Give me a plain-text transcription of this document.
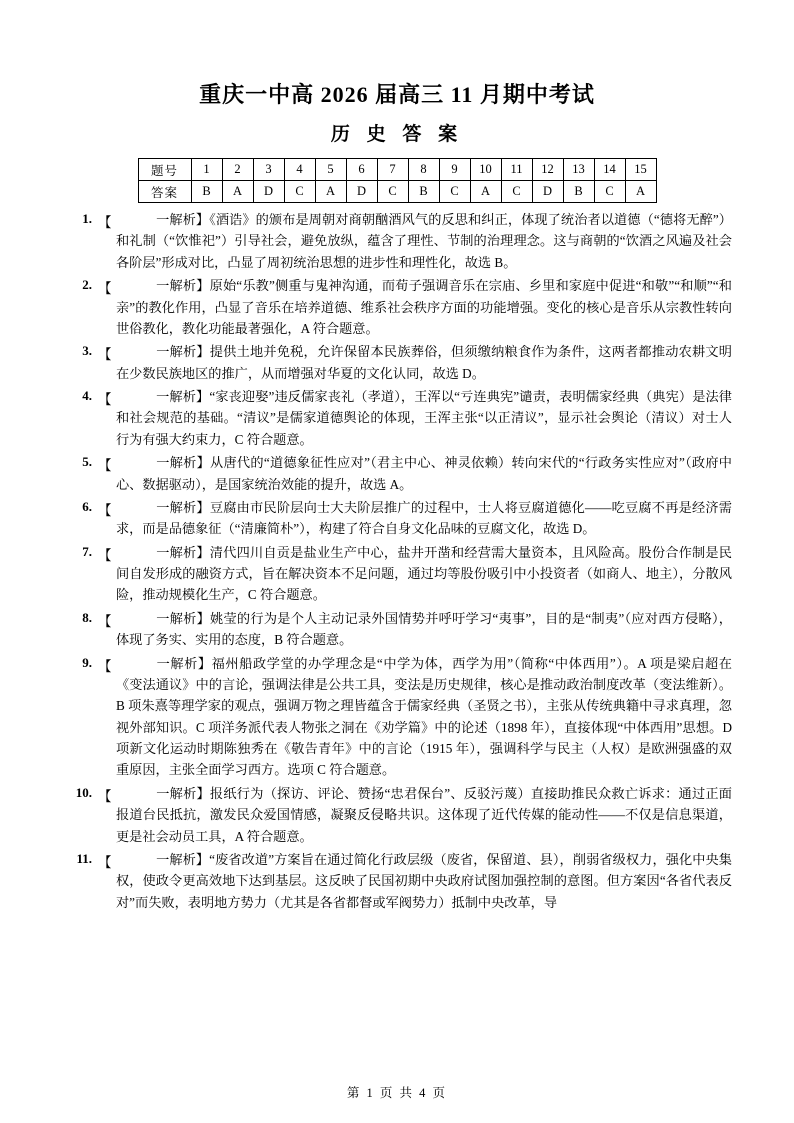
重庆一中高 2026 届高三 11 月期中考试
历 史 答 案
题号	1	2	3	4	5	6	7	8	9	10	11	12	13	14	15
答案	B	A	D	C	A	D	C	B	C	A	C	D	B	C	A
1. 【	一解析】《酒诰》的颁布是周朝对商朝酗酒风气的反思和纠正，体现了统治者以道德（“德将无醉”）和礼制（“饮惟祀”）引导社会，避免放纵，蕴含了理性、节制的治理理念。这与商朝的“饮酒之风遍及社会各阶层”形成对比，凸显了周初统治思想的进步性和理性化，故选 B。
2. 【	一解析】原始“乐教”侧重与鬼神沟通，而荀子强调音乐在宗庙、乡里和家庭中促进“和敬”“和顺”“和亲”的教化作用，凸显了音乐在培养道德、维系社会秩序方面的功能增强。变化的核心是音乐从宗教性转向世俗教化，教化功能最著强化，A 符合题意。
3. 【	一解析】提供土地并免税，允许保留本民族葬俗，但须缴纳粮食作为条件，这两者都推动农耕文明在少数民族地区的推广，从而增强对华夏的文化认同，故选 D。
4. 【	一解析】“家丧迎娶”违反儒家丧礼（孝道），王浑以“亏连典宪”谴责，表明儒家经典（典宪）是法律和社会规范的基础。“清议”是儒家道德舆论的体现，王浑主张“以正清议”，显示社会舆论（清议）对士人行为有强大约束力，C 符合题意。
5. 【	一解析】从唐代的“道德象征性应对”（君主中心、神灵依赖）转向宋代的“行政务实性应对”（政府中心、数据驱动），是国家统治效能的提升，故选 A。
6. 【	一解析】豆腐由市民阶层向士大夫阶层推广的过程中，士人将豆腐道德化——吃豆腐不再是经济需求，而是品德象征（“清廉简朴”），构建了符合自身文化品味的豆腐文化，故选 D。
7. 【	一解析】清代四川自贡是盐业生产中心，盐井开凿和经营需大量资本，且风险高。股份合作制是民间自发形成的融资方式，旨在解决资本不足问题，通过均等股份吸引中小投资者（如商人、地主），分散风险，推动规模化生产，C 符合题意。
8. 【	一解析】姚莹的行为是个人主动记录外国情势并呼吁学习“夷事”，目的是“制夷”（应对西方侵略），体现了务实、实用的态度，B 符合题意。
9. 【	一解析】福州船政学堂的办学理念是“中学为体，西学为用”（简称“中体西用”）。A 项是梁启超在《变法通议》中的言论，强调法律是公共工具，变法是历史规律，核心是推动政治制度改革（变法维新）。B 项朱熹等理学家的观点，强调万物之理皆蕴含于儒家经典（圣贤之书），主张从传统典籍中寻求真理，忽视外部知识。C 项洋务派代表人物张之洞在《劝学篇》中的论述（1898 年），直接体现“中体西用”思想。D 项新文化运动时期陈独秀在《敬告青年》中的言论（1915 年），强调科学与民主（人权）是欧洲强盛的双重原因，主张全面学习西方。选项 C 符合题意。
10. 【	一解析】报纸行为（探访、评论、赞扬“忠君保台”、反驳污蔑）直接助推民众救亡诉求：通过正面报道台民抵抗，激发民众爱国情感，凝聚反侵略共识。这体现了近代传媒的能动性——不仅是信息渠道，更是社会动员工具，A 符合题意。
11. 【	一解析】“废省改道”方案旨在通过简化行政层级（废省，保留道、县），削弱省级权力，强化中央集权，使政令更高效地下达到基层。这反映了民国初期中央政府试图加强控制的意图。但方案因“各省代表反对”而失败，表明地方势力（尤其是各省都督或军阀势力）抵制中央改革，导
第 1 页 共 4 页
